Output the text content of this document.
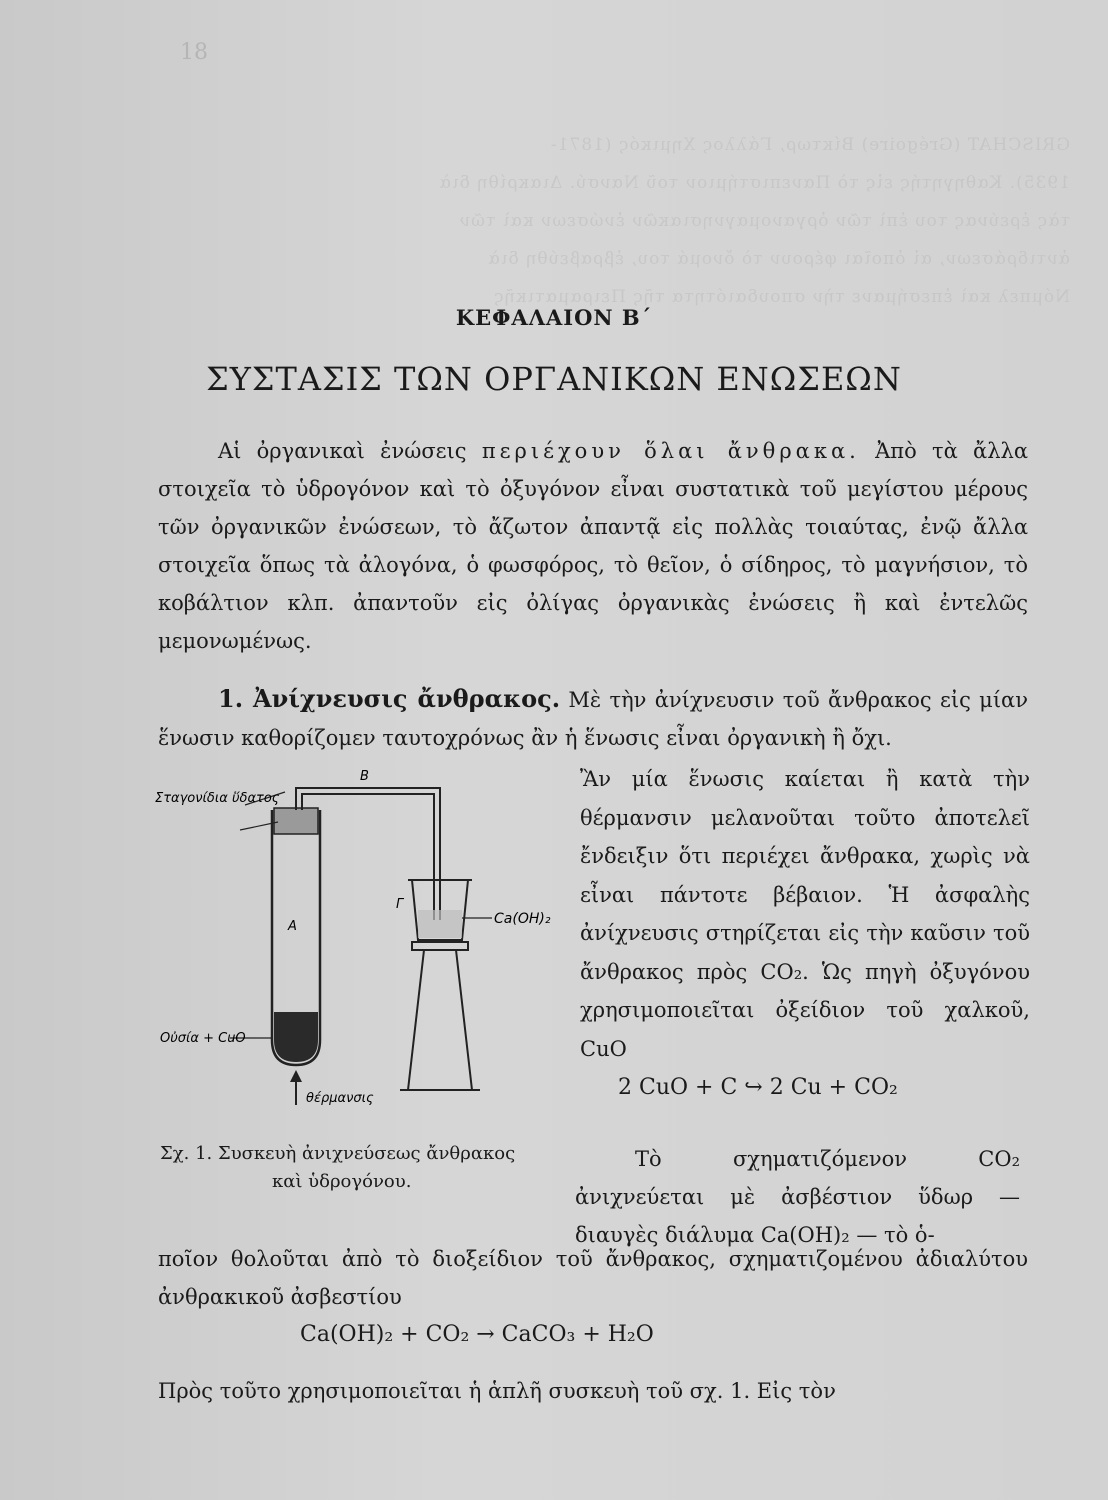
18
GRISCHAT (Grégoire) Βίκτωρ, Γάλλος Χημικός (1871-
1935). Καθηγητής εἰς τὸ Πανεπιστήμιον τοῦ Νανσύ. Διακρίθη διὰ
τὰς ἐρεύνας του ἐπὶ τῶν ὀργανομαγνησιακῶν ἐνώσεων καὶ τῶν
ἀντιδράσεων, αἱ ὁποῖαι φέρουν τὸ ὄνομά του, ἐβραβεύθη διὰ
Νόμπελ καὶ ἐπεσήμανε τὴν σπουδαιότητα τῆς Πειραματικῆς
ΚΕΦΑΛΑΙΟΝ Β΄
ΣΥΣΤΑΣΙΣ ΤΩΝ ΟΡΓΑΝΙΚΩΝ ΕΝΩΣΕΩΝ
Αἱ ὀργανικαὶ ἐνώσεις περιέχουν ὅλαι ἄνθρακα. Ἀπὸ τὰ ἄλλα στοιχεῖα τὸ ὑδρογόνον καὶ τὸ ὀξυγόνον εἶναι συστατικὰ τοῦ μεγίστου μέρους τῶν ὀργανικῶν ἐνώσεων, τὸ ἄζωτον ἀπαντᾷ εἰς πολλὰς τοιαύτας, ἐνῷ ἄλλα στοιχεῖα ὅπως τὰ ἀλογόνα, ὁ φωσφόρος, τὸ θεῖον, ὁ σίδηρος, τὸ μαγνήσιον, τὸ κοβάλτιον κλπ. ἀπαντοῦν εἰς ὀλίγας ὀργανικὰς ἐνώσεις ἢ καὶ ἐντελῶς μεμονωμένως.
1. Ἀνίχνευσις ἄνθρακος. Μὲ τὴν ἀνίχνευσιν τοῦ ἄνθρακος εἰς μίαν ἕνωσιν καθορίζομεν ταυτοχρόνως ἂν ἡ ἕνωσις εἶναι ὀργανικὴ ἢ ὄχι.
Ἂν μία ἕνωσις καίεται ἢ κατὰ τὴν θέρμανσιν μελανοῦται τοῦτο ἀποτελεῖ ἔνδειξιν ὅτι περιέχει ἄνθρακα, χωρὶς νὰ εἶναι πάντοτε βέβαιον. Ἡ ἀσφαλὴς ἀνίχνευσις στηρίζεται εἰς τὴν καῦσιν τοῦ ἄνθρακος πρὸς CO₂. Ὡς πηγὴ ὀξυγόνου χρησιμοποιεῖται ὀξείδιον τοῦ χαλκοῦ, CuO
2 CuO + C ↪ 2 Cu + CO₂
Τὸ σχηματιζόμενον CO₂ ἀνιχνεύεται μὲ ἀσβέστιον ὕδωρ — διαυγὲς διάλυμα Ca(OH)₂ — τὸ ὁ-
ποῖον θολοῦται ἀπὸ τὸ διοξείδιον τοῦ ἄνθρακος, σχηματιζομένου ἀδιαλύτου ἀνθρακικοῦ ἀσβεστίου
Ca(OH)₂ + CO₂ → CaCO₃ + H₂O
Πρὸς τοῦτο χρησιμοποιεῖται ἡ ἁπλῆ συσκευὴ τοῦ σχ. 1. Εἰς τὸν
Σταγονίδια ὕδατος
Β
Α
Γ
Ca(OH)₂
Οὐσία + CuO
θέρμανσις
Σχ. 1. Συσκευὴ ἀνιχνεύσεως ἄνθρακος
καὶ ὑδρογόνου.
